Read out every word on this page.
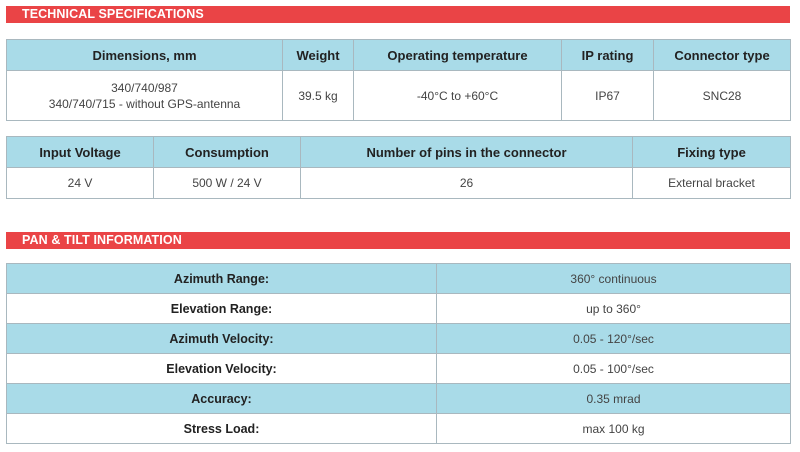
TECHNICAL SPECIFICATIONS
Dimensions, mm	Weight	Operating temperature	IP rating	Connector type

340/740/987
340/740/715 - without GPS-antenna	39.5 kg	-40°C to +60°C	IP67	SNC28
Input Voltage	Consumption	Number of pins in the connector	Fixing type
24 V	500 W / 24 V	26	External bracket
PAN & TILT INFORMATION
Azimuth Range:	360° continuous
Elevation Range:	up to 360°
Azimuth Velocity:	0.05 - 120°/sec
Elevation Velocity:	0.05 - 100°/sec
Accuracy:	0.35 mrad
Stress Load:	max 100 kg
